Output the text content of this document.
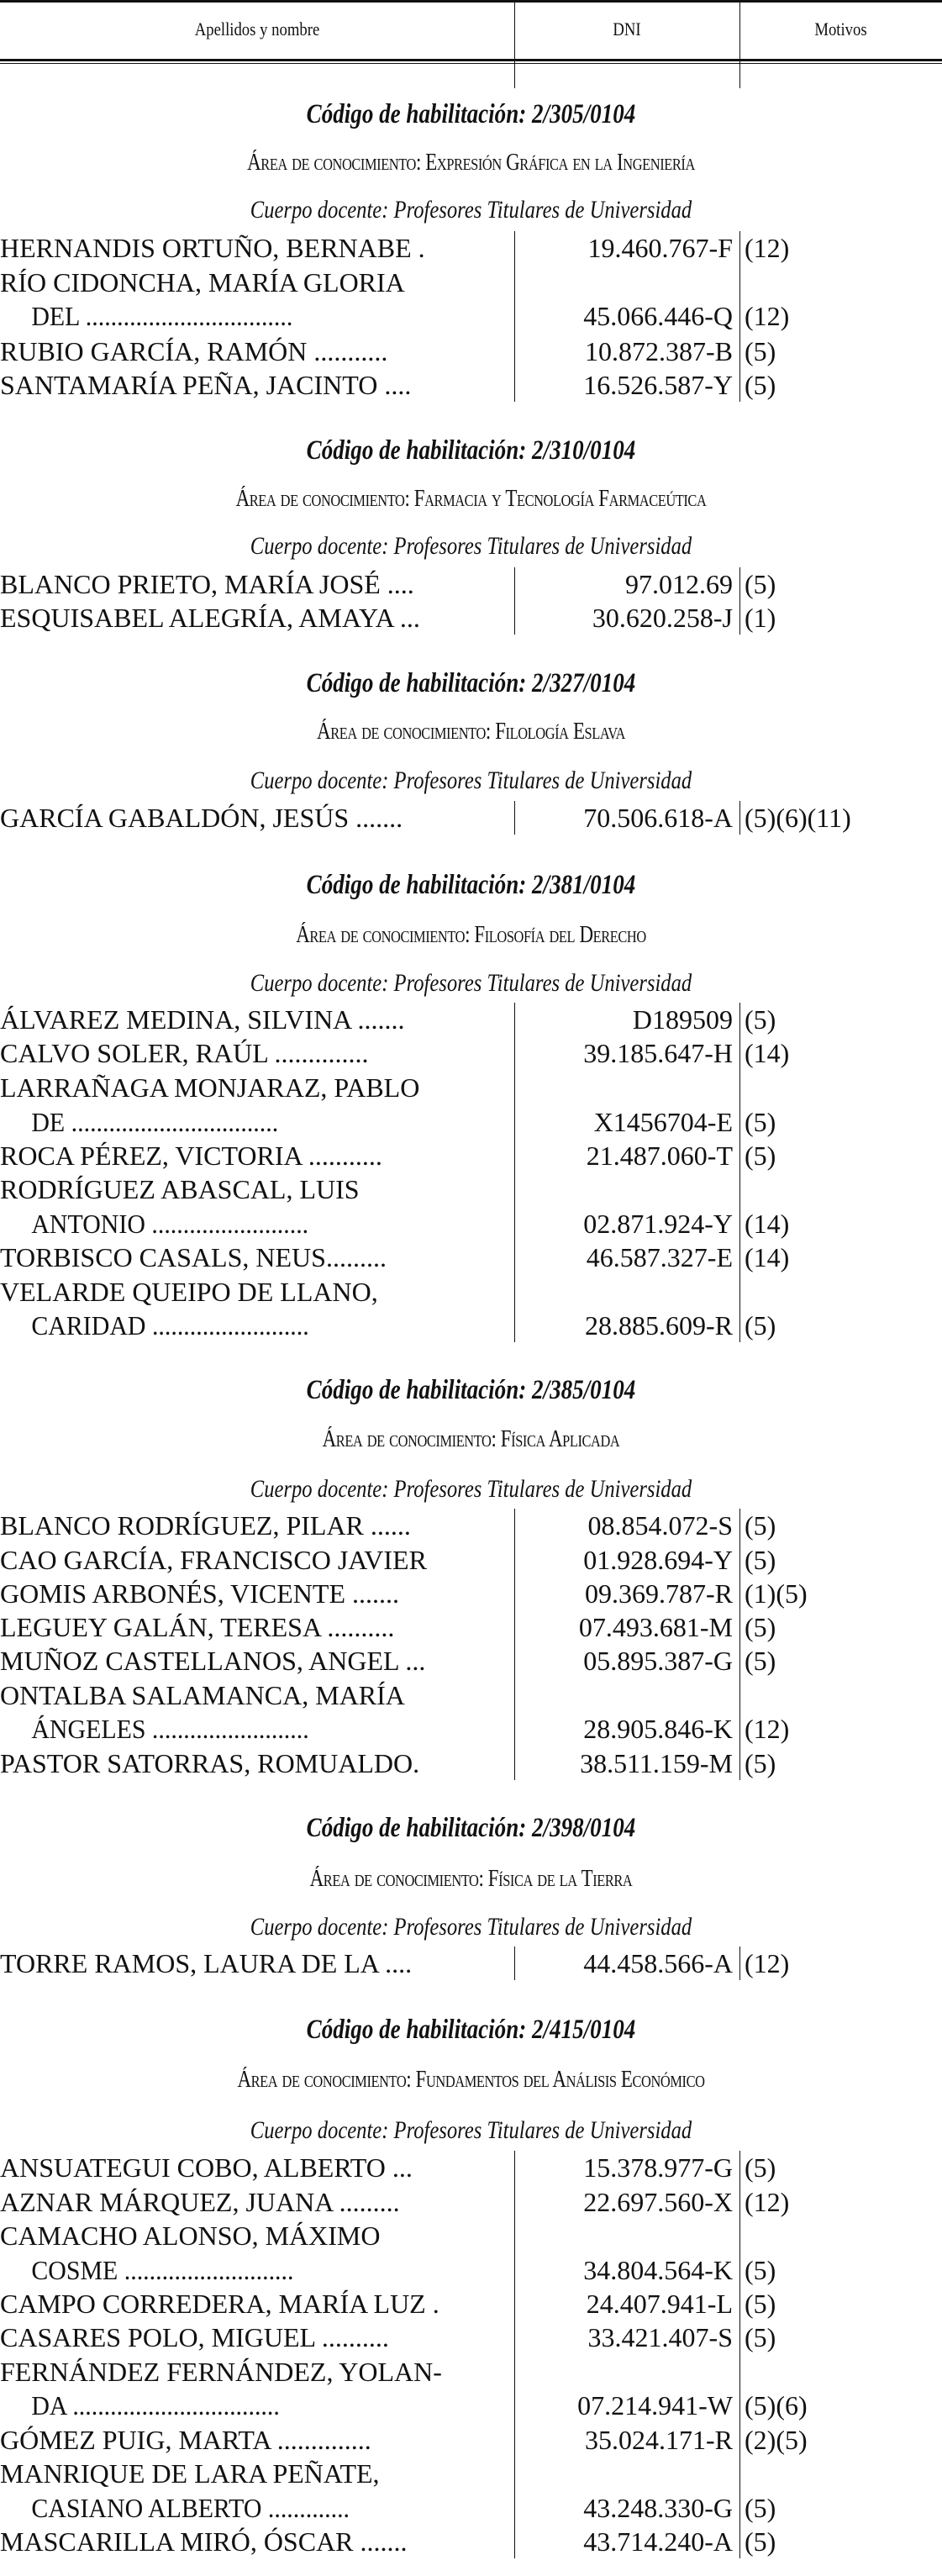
Apellidos y nombre	DNI	Motivos
Código de habilitación: 2/305/0104
Área de conocimiento: Expresión Gráfica en la Ingeniería
Cuerpo docente: Profesores Titulares de Universidad
HERNANDIS ORTUÑO, BERNABE .	19.460.767-F (12)
RÍO CIDONCHA, MARÍA GLORIA
DEL .................................	45.066.446-Q (12)
RUBIO GARCÍA, RAMÓN ...........	10.872.387-B (5)
SANTAMARÍA PEÑA, JACINTO ....	16.526.587-Y (5)
Código de habilitación: 2/310/0104
Área de conocimiento: Farmacia y Tecnología Farmaceútica
Cuerpo docente: Profesores Titulares de Universidad
BLANCO PRIETO, MARÍA JOSÉ ....	97.012.69 (5)
ESQUISABEL ALEGRÍA, AMAYA ...	30.620.258-J (1)
Código de habilitación: 2/327/0104
Área de conocimiento: Filología Eslava
Cuerpo docente: Profesores Titulares de Universidad
GARCÍA GABALDÓN, JESÚS .......	70.506.618-A (5)(6)(11)
Código de habilitación: 2/381/0104
Área de conocimiento: Filosofía del Derecho
Cuerpo docente: Profesores Titulares de Universidad
ÁLVAREZ MEDINA, SILVINA .......	D189509 (5)
CALVO SOLER, RAÚL ..............	39.185.647-H (14)
LARRAÑAGA MONJARAZ, PABLO
DE .................................	X1456704-E (5)
ROCA PÉREZ, VICTORIA ...........	21.487.060-T (5)
RODRÍGUEZ ABASCAL, LUIS
ANTONIO .........................	02.871.924-Y (14)
TORBISCO CASALS, NEUS.........	46.587.327-E (14)
VELARDE QUEIPO DE LLANO,
CARIDAD .........................	28.885.609-R (5)
Código de habilitación: 2/385/0104
Área de conocimiento: Física Aplicada
Cuerpo docente: Profesores Titulares de Universidad
BLANCO RODRÍGUEZ, PILAR ......	08.854.072-S (5)
CAO GARCÍA, FRANCISCO JAVIER	01.928.694-Y (5)
GOMIS ARBONÉS, VICENTE .......	09.369.787-R (1)(5)
LEGUEY GALÁN, TERESA ..........	07.493.681-M (5)
MUÑOZ CASTELLANOS, ANGEL ...	05.895.387-G (5)
ONTALBA SALAMANCA, MARÍA
ÁNGELES .........................	28.905.846-K (12)
PASTOR SATORRAS, ROMUALDO.	38.511.159-M (5)
Código de habilitación: 2/398/0104
Área de conocimiento: Física de la Tierra
Cuerpo docente: Profesores Titulares de Universidad
TORRE RAMOS, LAURA DE LA ....	44.458.566-A (12)
Código de habilitación: 2/415/0104
Área de conocimiento: Fundamentos del Análisis Económico
Cuerpo docente: Profesores Titulares de Universidad
ANSUATEGUI COBO, ALBERTO ...	15.378.977-G (5)
AZNAR MÁRQUEZ, JUANA .........	22.697.560-X (12)
CAMACHO ALONSO, MÁXIMO
COSME ...........................	34.804.564-K (5)
CAMPO CORREDERA, MARÍA LUZ .	24.407.941-L (5)
CASARES POLO, MIGUEL ..........	33.421.407-S (5)
FERNÁNDEZ FERNÁNDEZ, YOLAN-
DA .................................	07.214.941-W (5)(6)
GÓMEZ PUIG, MARTA ..............	35.024.171-R (2)(5)
MANRIQUE DE LARA PEÑATE,
CASIANO ALBERTO .............	43.248.330-G (5)
MASCARILLA MIRÓ, ÓSCAR .......	43.714.240-A (5)
